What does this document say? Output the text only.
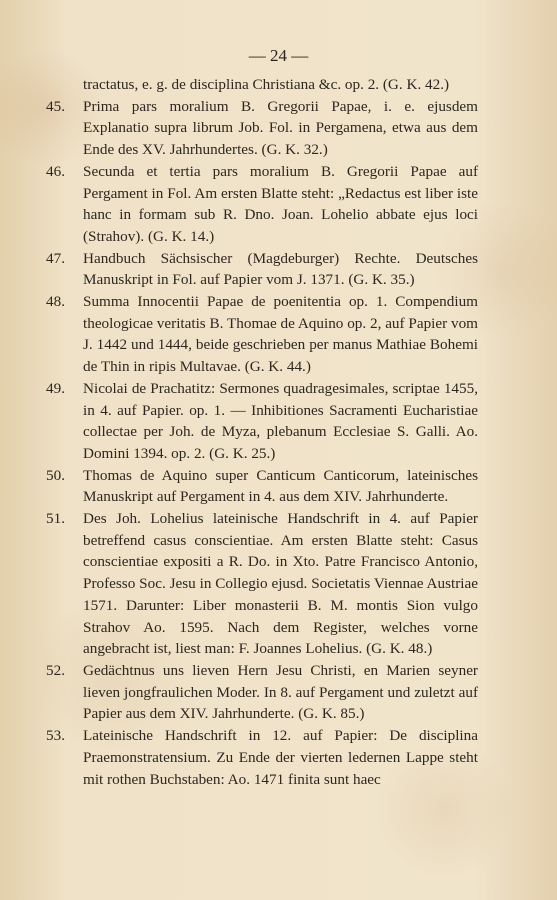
— 24 —
tractatus, e. g. de disciplina Christiana &c. op. 2. (G. K. 42.)
45. Prima pars moralium B. Gregorii Papae, i. e. ejusdem Explanatio supra librum Job. Fol. in Pergamena, etwa aus dem Ende des XV. Jahrhundertes. (G. K. 32.)
46. Secunda et tertia pars moralium B. Gregorii Papae auf Pergament in Fol. Am ersten Blatte steht: „Redactus est liber iste hanc in formam sub R. Dno. Joan. Lohelio abbate ejus loci (Strahov). (G. K. 14.)
47. Handbuch Sächsischer (Magdeburger) Rechte. Deutsches Manuskript in Fol. auf Papier vom J. 1371. (G. K. 35.)
48. Summa Innocentii Papae de poenitentia op. 1. Compendium theologicae veritatis B. Thomae de Aquino op. 2, auf Papier vom J. 1442 und 1444, beide geschrieben per manus Mathiae Bohemi de Thin in ripis Multavae. (G. K. 44.)
49. Nicolai de Prachatitz: Sermones quadragesimales, scriptae 1455, in 4. auf Papier. op. 1. — Inhibitiones Sacramenti Eucharistiae collectae per Joh. de Myza, plebanum Ecclesiae S. Galli. Ao. Domini 1394. op. 2. (G. K. 25.)
50. Thomas de Aquino super Canticum Canticorum, lateinisches Manuskript auf Pergament in 4. aus dem XIV. Jahrhunderte.
51. Des Joh. Lohelius lateinische Handschrift in 4. auf Papier betreffend casus conscientiae. Am ersten Blatte steht: Casus conscientiae expositi a R. Do. in Xto. Patre Francisco Antonio, Professo Soc. Jesu in Collegio ejusd. Societatis Viennae Austriae 1571. Darunter: Liber monasterii B. M. montis Sion vulgo Strahov Ao. 1595. Nach dem Register, welches vorne angebracht ist, liest man: F. Joannes Lohelius. (G. K. 48.)
52. Gedächtnus uns lieven Hern Jesu Christi, en Marien seyner lieven jongfraulichen Moder. In 8. auf Pergament und zuletzt auf Papier aus dem XIV. Jahrhunderte. (G. K. 85.)
53. Lateinische Handschrift in 12. auf Papier: De disciplina Praemonstratensium. Zu Ende der vierten ledernen Lappe steht mit rothen Buchstaben: Ao. 1471 finita sunt haec
